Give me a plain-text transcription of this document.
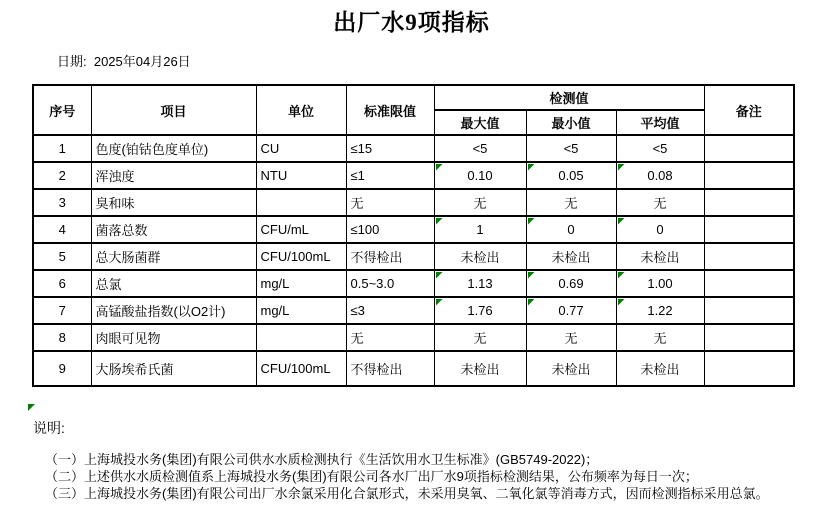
出厂水9项指标
日期:  2025年04月26日
序号	项目	单位	标准限值	检测值			备注
				最大值	最小值	平均值	
1	色度(铂钴色度单位)	CU	≤15	<5	<5	<5	
2	浑浊度	NTU	≤1	0.10	0.05	0.08	
3	臭和味		无	无	无	无	
4	菌落总数	CFU/mL	≤100	1	0	0	
5	总大肠菌群	CFU/100mL	不得检出	未检出	未检出	未检出	
6	总氯	mg/L	0.5~3.0	1.13	0.69	1.00	
7	高锰酸盐指数(以O2计)	mg/L	≤3	1.76	0.77	1.22	
8	肉眼可见物		无	无	无	无	
9	大肠埃希氏菌	CFU/100mL	不得检出	未检出	未检出	未检出	
说明:
（一）上海城投水务(集团)有限公司供水水质检测执行《生活饮用水卫生标准》(GB5749-2022)；
（二）上述供水水质检测值系上海城投水务(集团)有限公司各水厂出厂水9项指标检测结果，公布频率为每日一次；
（三）上海城投水务(集团)有限公司出厂水余氯采用化合氯形式，未采用臭氧、二氧化氯等消毒方式，因而检测指标采用总氯。
